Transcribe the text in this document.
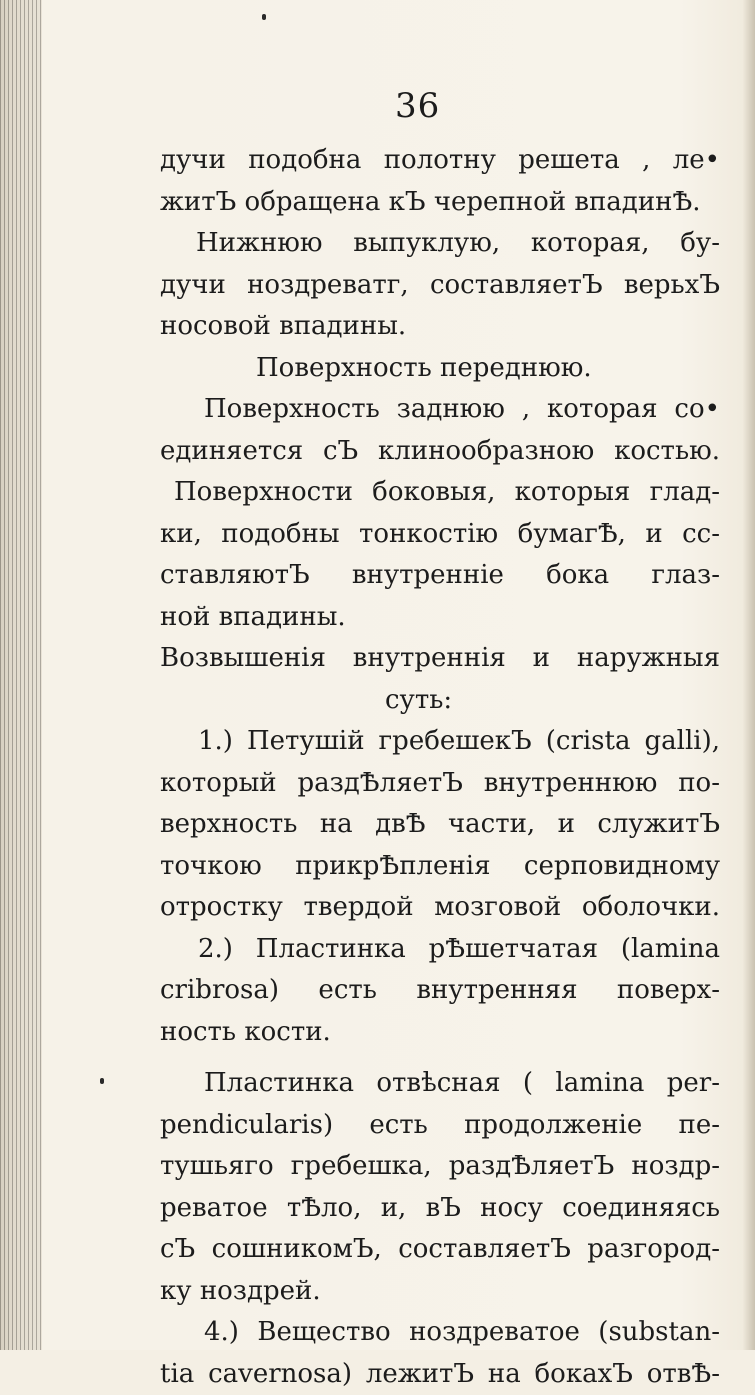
36
дучи подобна полотну решета , ле•
житЪ обращена кЪ черепной впадинѢ.
Нижнюю выпуклую, которая, бу-
дучи ноздреватг, составляетЪ верьхЪ
носовой впадины.
Поверхность переднюю.
Поверхность заднюю , которая со•
единяется сЪ клинообразною костью.
Поверхности боковыя, которыя глад-
ки, подобны тонкостію бумагѢ, и сс-
ставляютЪ внутренніе бока глаз-
ной впадины.
Возвышенія внутреннія и наружныя
суть:
1.) Петушій гребешекЪ (crista galli),
который раздѢляетЪ внутреннюю по-
верхность на двѢ части, и служитЪ
точкою прикрѢпленія серповидному
отростку твердой мозговой оболочки.
2.) Пластинка рѢшетчатая (lamina
cribrosa) есть внутренняя поверх-
ность кости.
Пластинка отвѣсная ( lamina per-
pendicularis) есть продолженіе пе-
тушьяго гребешка, раздѢляетЪ ноздр-
реватое тѢло, и, вЪ носу соединяясь
сЪ сошникомЪ, составляетЪ разгород-
ку ноздрей.
4.) Вещество ноздреватое (substan-
tia cavernosa) лежитЪ на бокахЪ отвѢ-
